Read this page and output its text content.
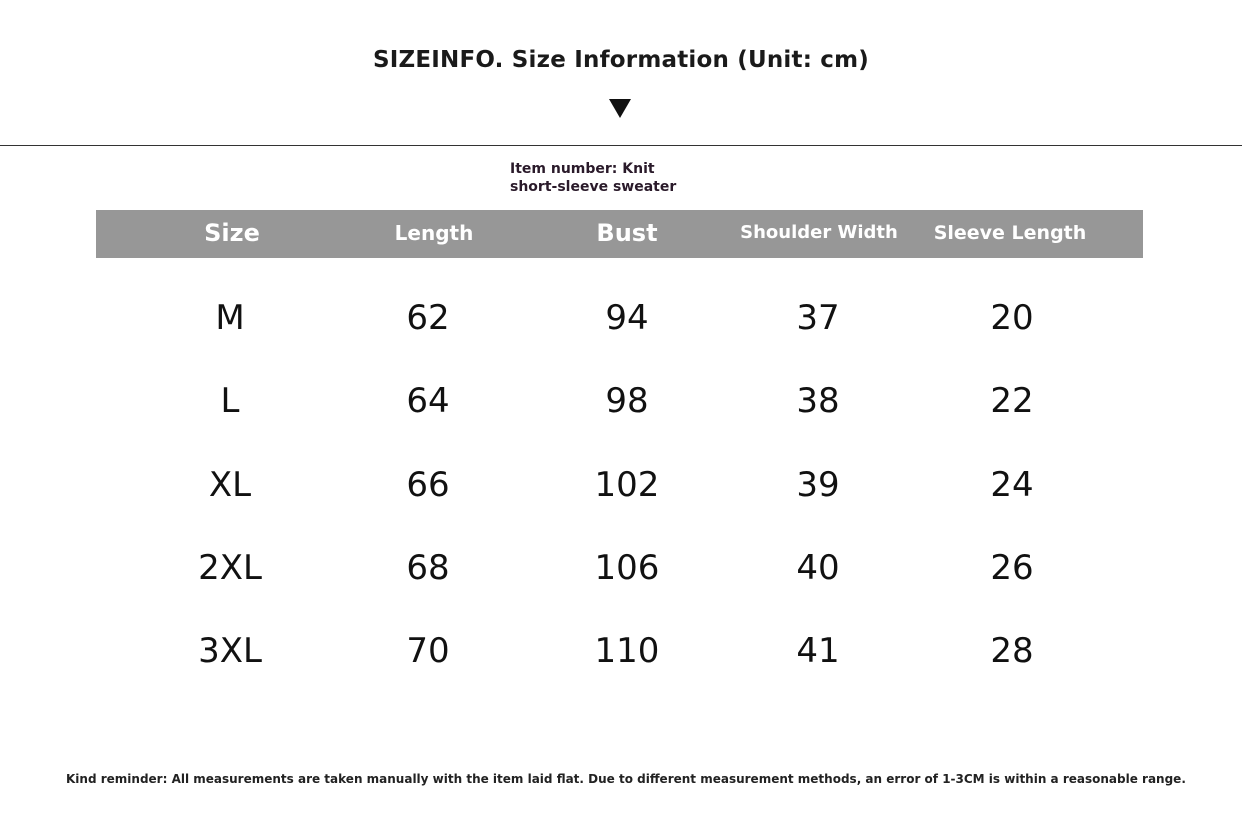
SIZEINFO. Size Information (Unit: cm)
Item number: Knit
short-sleeve sweater
Size	Length	Bust	Shoulder Width	Sleeve Length
M	62	94	37	20
L	64	98	38	22
XL	66	102	39	24
2XL	68	106	40	26
3XL	70	110	41	28
Kind reminder: All measurements are taken manually with the item laid flat. Due to different measurement methods, an error of 1-3CM is within a reasonable range.
